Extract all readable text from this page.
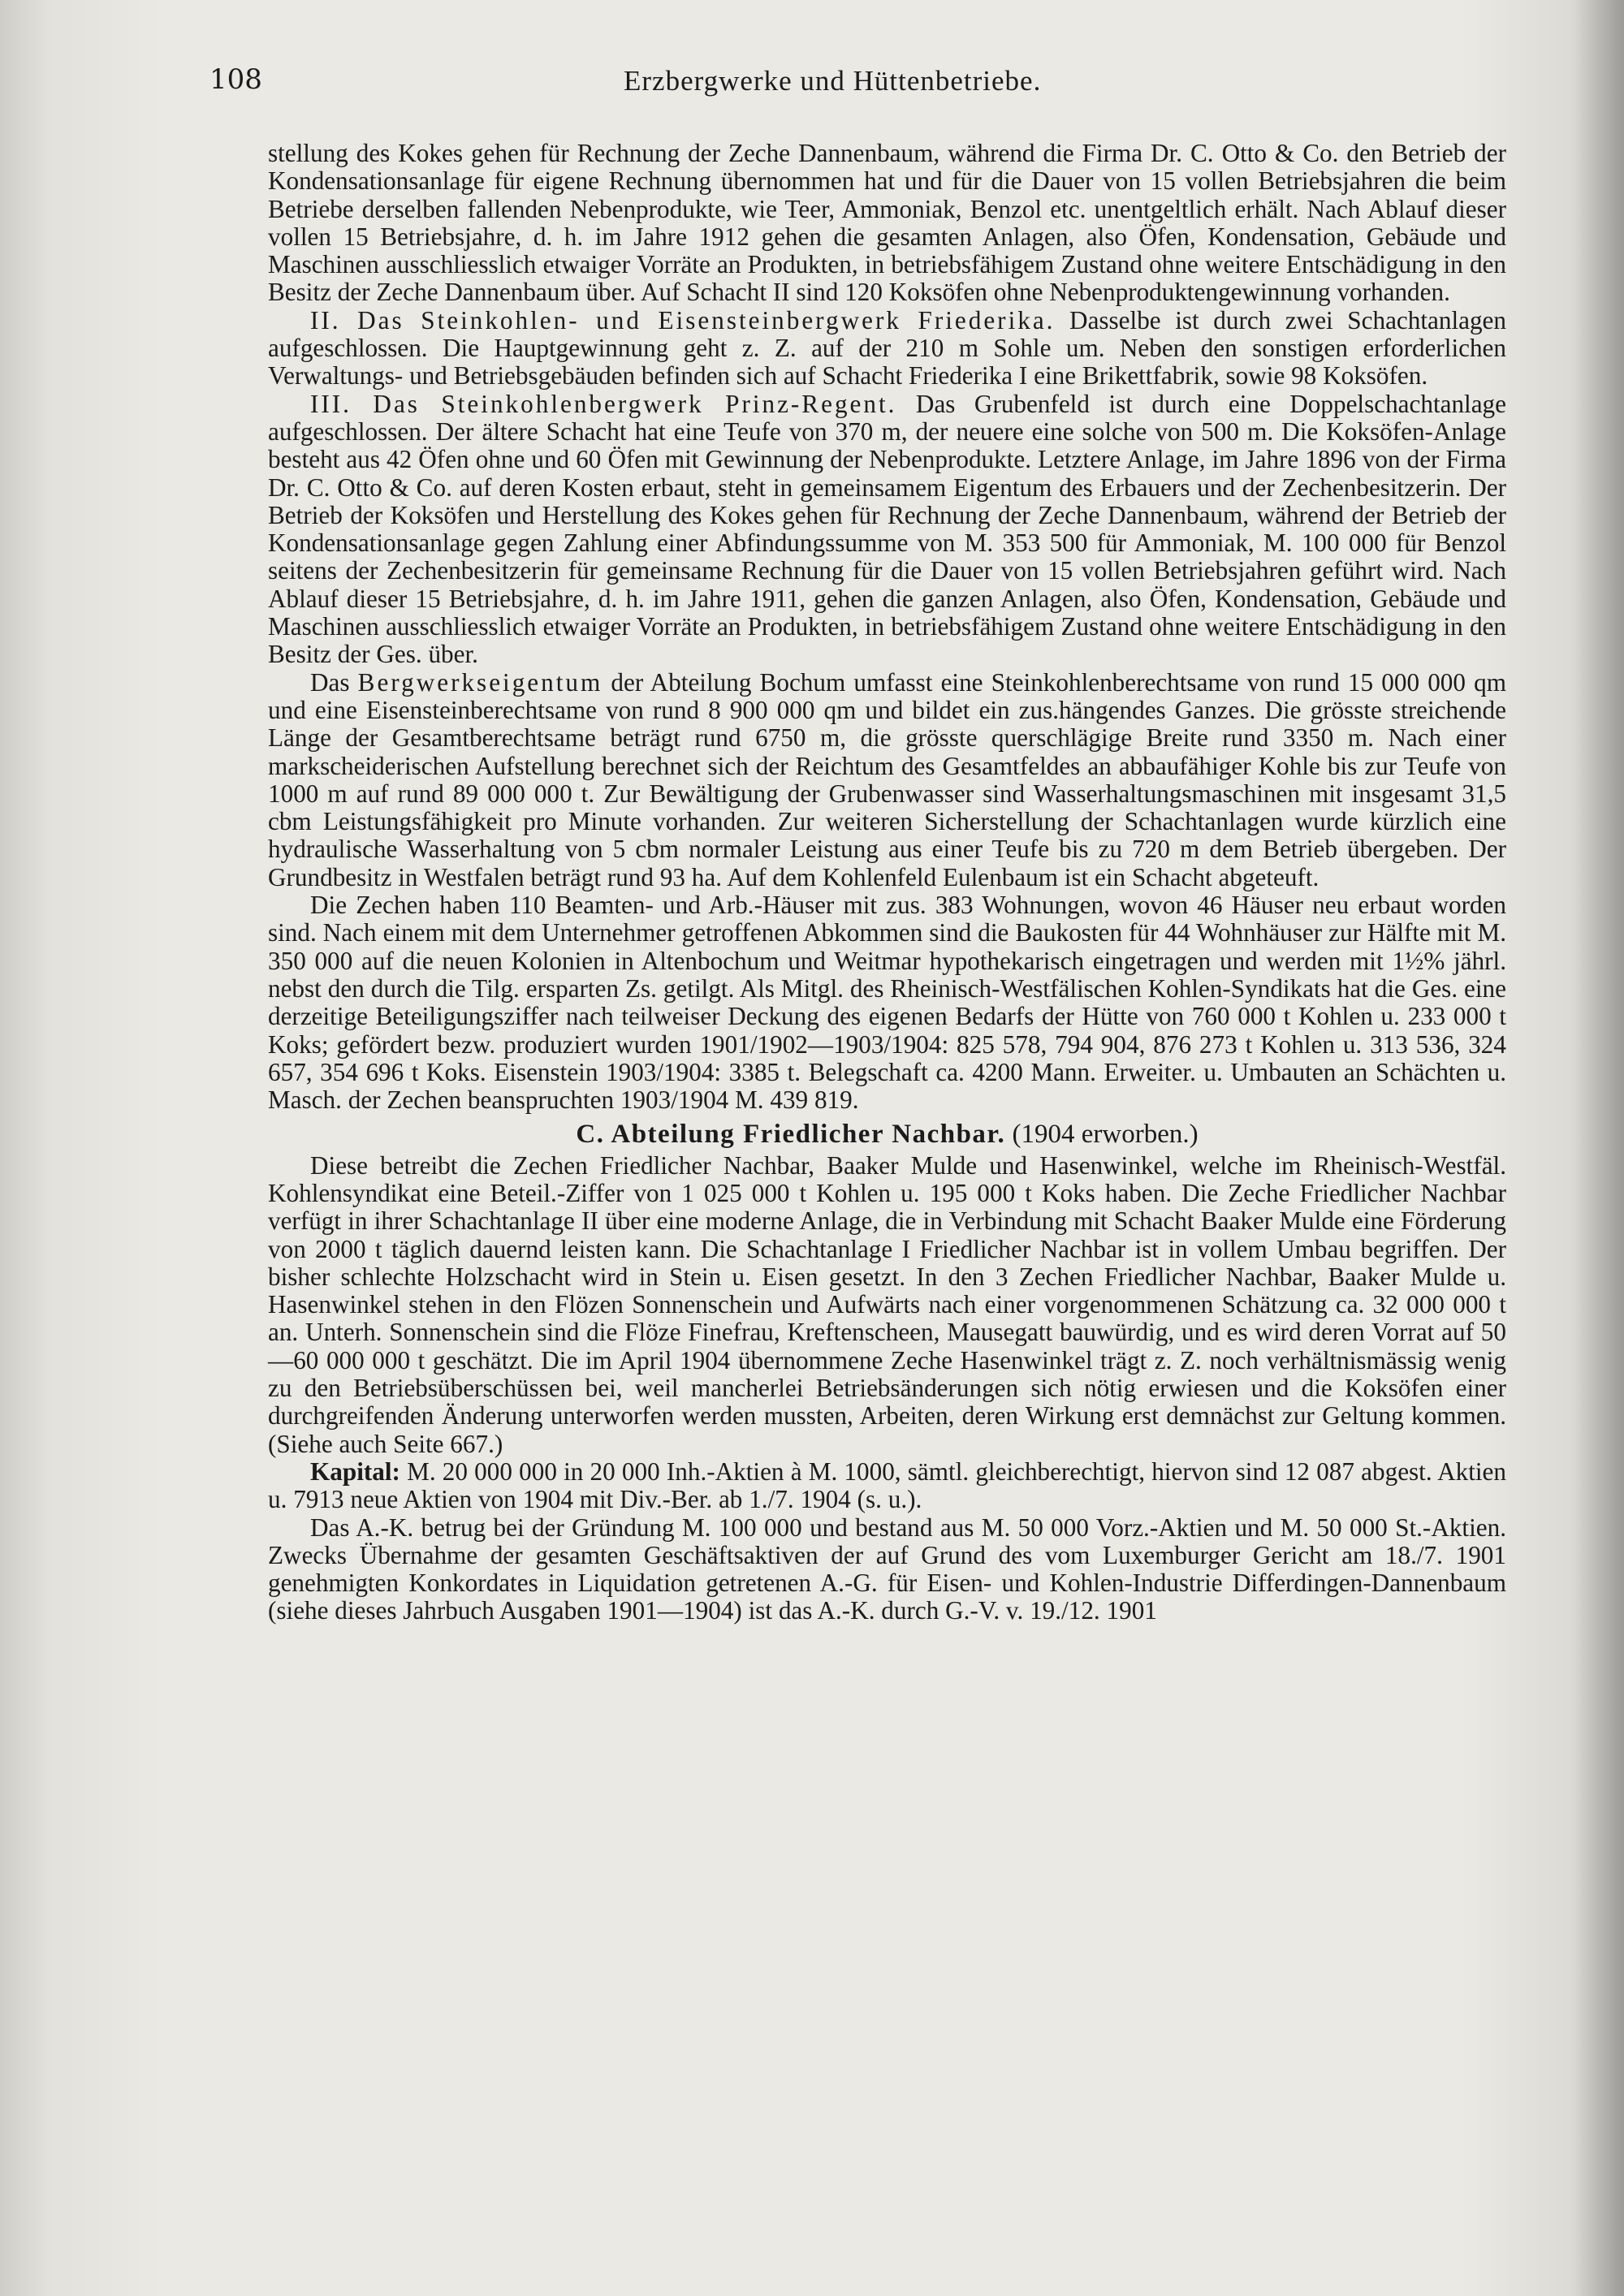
108	Erzbergwerke und Hüttenbetriebe.

stellung des Kokes gehen für Rechnung der Zeche Dannenbaum, während die Firma Dr. C. Otto & Co. den Betrieb der Kondensationsanlage für eigene Rechnung übernommen hat und für die Dauer von 15 vollen Betriebsjahren die beim Betriebe derselben fallenden Nebenprodukte, wie Teer, Ammoniak, Benzol etc. unentgeltlich erhält. Nach Ablauf dieser vollen 15 Betriebsjahre, d. h. im Jahre 1912 gehen die gesamten Anlagen, also Öfen, Kondensation, Gebäude und Maschinen ausschliesslich etwaiger Vorräte an Produkten, in betriebsfähigem Zustand ohne weitere Entschädigung in den Besitz der Zeche Dannenbaum über. Auf Schacht II sind 120 Koksöfen ohne Nebenproduktengewinnung vorhanden.

II. Das Steinkohlen- und Eisensteinbergwerk Friederika. Dasselbe ist durch zwei Schachtanlagen aufgeschlossen. Die Hauptgewinnung geht z. Z. auf der 210 m Sohle um. Neben den sonstigen erforderlichen Verwaltungs- und Betriebsgebäuden befinden sich auf Schacht Friederika I eine Brikettfabrik, sowie 98 Koksöfen.

III. Das Steinkohlenbergwerk Prinz-Regent. Das Grubenfeld ist durch eine Doppelschachtanlage aufgeschlossen. Der ältere Schacht hat eine Teufe von 370 m, der neuere eine solche von 500 m. Die Koksöfen-Anlage besteht aus 42 Öfen ohne und 60 Öfen mit Gewinnung der Nebenprodukte. Letztere Anlage, im Jahre 1896 von der Firma Dr. C. Otto & Co. auf deren Kosten erbaut, steht in gemeinsamem Eigentum des Erbauers und der Zechenbesitzerin. Der Betrieb der Koksöfen und Herstellung des Kokes gehen für Rechnung der Zeche Dannenbaum, während der Betrieb der Kondensationsanlage gegen Zahlung einer Abfindungssumme von M. 353 500 für Ammoniak, M. 100 000 für Benzol seitens der Zechenbesitzerin für gemeinsame Rechnung für die Dauer von 15 vollen Betriebsjahren geführt wird. Nach Ablauf dieser 15 Betriebsjahre, d. h. im Jahre 1911, gehen die ganzen Anlagen, also Öfen, Kondensation, Gebäude und Maschinen ausschliesslich etwaiger Vorräte an Produkten, in betriebsfähigem Zustand ohne weitere Entschädigung in den Besitz der Ges. über.

Das Bergwerkseigentum der Abteilung Bochum umfasst eine Steinkohlenberechtsame von rund 15 000 000 qm und eine Eisensteinberechtsame von rund 8 900 000 qm und bildet ein zus.hängendes Ganzes. Die grösste streichende Länge der Gesamtberechtsame beträgt rund 6750 m, die grösste querschlägige Breite rund 3350 m. Nach einer markscheiderischen Aufstellung berechnet sich der Reichtum des Gesamtfeldes an abbaufähiger Kohle bis zur Teufe von 1000 m auf rund 89 000 000 t. Zur Bewältigung der Grubenwasser sind Wasserhaltungsmaschinen mit insgesamt 31,5 cbm Leistungsfähigkeit pro Minute vorhanden. Zur weiteren Sicherstellung der Schachtanlagen wurde kürzlich eine hydraulische Wasserhaltung von 5 cbm normaler Leistung aus einer Teufe bis zu 720 m dem Betrieb übergeben. Der Grundbesitz in Westfalen beträgt rund 93 ha. Auf dem Kohlenfeld Eulenbaum ist ein Schacht abgeteuft.

Die Zechen haben 110 Beamten- und Arb.-Häuser mit zus. 383 Wohnungen, wovon 46 Häuser neu erbaut worden sind. Nach einem mit dem Unternehmer getroffenen Abkommen sind die Baukosten für 44 Wohnhäuser zur Hälfte mit M. 350 000 auf die neuen Kolonien in Altenbochum und Weitmar hypothekarisch eingetragen und werden mit 1½% jährl. nebst den durch die Tilg. ersparten Zs. getilgt. Als Mitgl. des Rheinisch-Westfälischen Kohlen-Syndikats hat die Ges. eine derzeitige Beteiligungsziffer nach teilweiser Deckung des eigenen Bedarfs der Hütte von 760 000 t Kohlen u. 233 000 t Koks; gefördert bezw. produziert wurden 1901/1902—1903/1904: 825 578, 794 904, 876 273 t Kohlen u. 313 536, 324 657, 354 696 t Koks. Eisenstein 1903/1904: 3385 t. Belegschaft ca. 4200 Mann. Erweiter. u. Umbauten an Schächten u. Masch. der Zechen beanspruchten 1903/1904 M. 439 819.

C. Abteilung Friedlicher Nachbar. (1904 erworben.)

Diese betreibt die Zechen Friedlicher Nachbar, Baaker Mulde und Hasenwinkel, welche im Rheinisch-Westfäl. Kohlensyndikat eine Beteil.-Ziffer von 1 025 000 t Kohlen u. 195 000 t Koks haben. Die Zeche Friedlicher Nachbar verfügt in ihrer Schachtanlage II über eine moderne Anlage, die in Verbindung mit Schacht Baaker Mulde eine Förderung von 2000 t täglich dauernd leisten kann. Die Schachtanlage I Friedlicher Nachbar ist in vollem Umbau begriffen. Der bisher schlechte Holzschacht wird in Stein u. Eisen gesetzt. In den 3 Zechen Friedlicher Nachbar, Baaker Mulde u. Hasenwinkel stehen in den Flözen Sonnenschein und Aufwärts nach einer vorgenommenen Schätzung ca. 32 000 000 t an. Unterh. Sonnenschein sind die Flöze Finefrau, Kreftenscheen, Mausegatt bauwürdig, und es wird deren Vorrat auf 50—60 000 000 t geschätzt. Die im April 1904 übernommene Zeche Hasenwinkel trägt z. Z. noch verhältnismässig wenig zu den Betriebsüberschüssen bei, weil mancherlei Betriebsänderungen sich nötig erwiesen und die Koksöfen einer durchgreifenden Änderung unterworfen werden mussten, Arbeiten, deren Wirkung erst demnächst zur Geltung kommen. (Siehe auch Seite 667.)

Kapital: M. 20 000 000 in 20 000 Inh.-Aktien à M. 1000, sämtl. gleichberechtigt, hiervon sind 12 087 abgest. Aktien u. 7913 neue Aktien von 1904 mit Div.-Ber. ab 1./7. 1904 (s. u.).

Das A.-K. betrug bei der Gründung M. 100 000 und bestand aus M. 50 000 Vorz.-Aktien und M. 50 000 St.-Aktien. Zwecks Übernahme der gesamten Geschäftsaktiven der auf Grund des vom Luxemburger Gericht am 18./7. 1901 genehmigten Konkordates in Liquidation getretenen A.-G. für Eisen- und Kohlen-Industrie Differdingen-Dannenbaum (siehe dieses Jahrbuch Ausgaben 1901—1904) ist das A.-K. durch G.-V. v. 19./12. 1901
